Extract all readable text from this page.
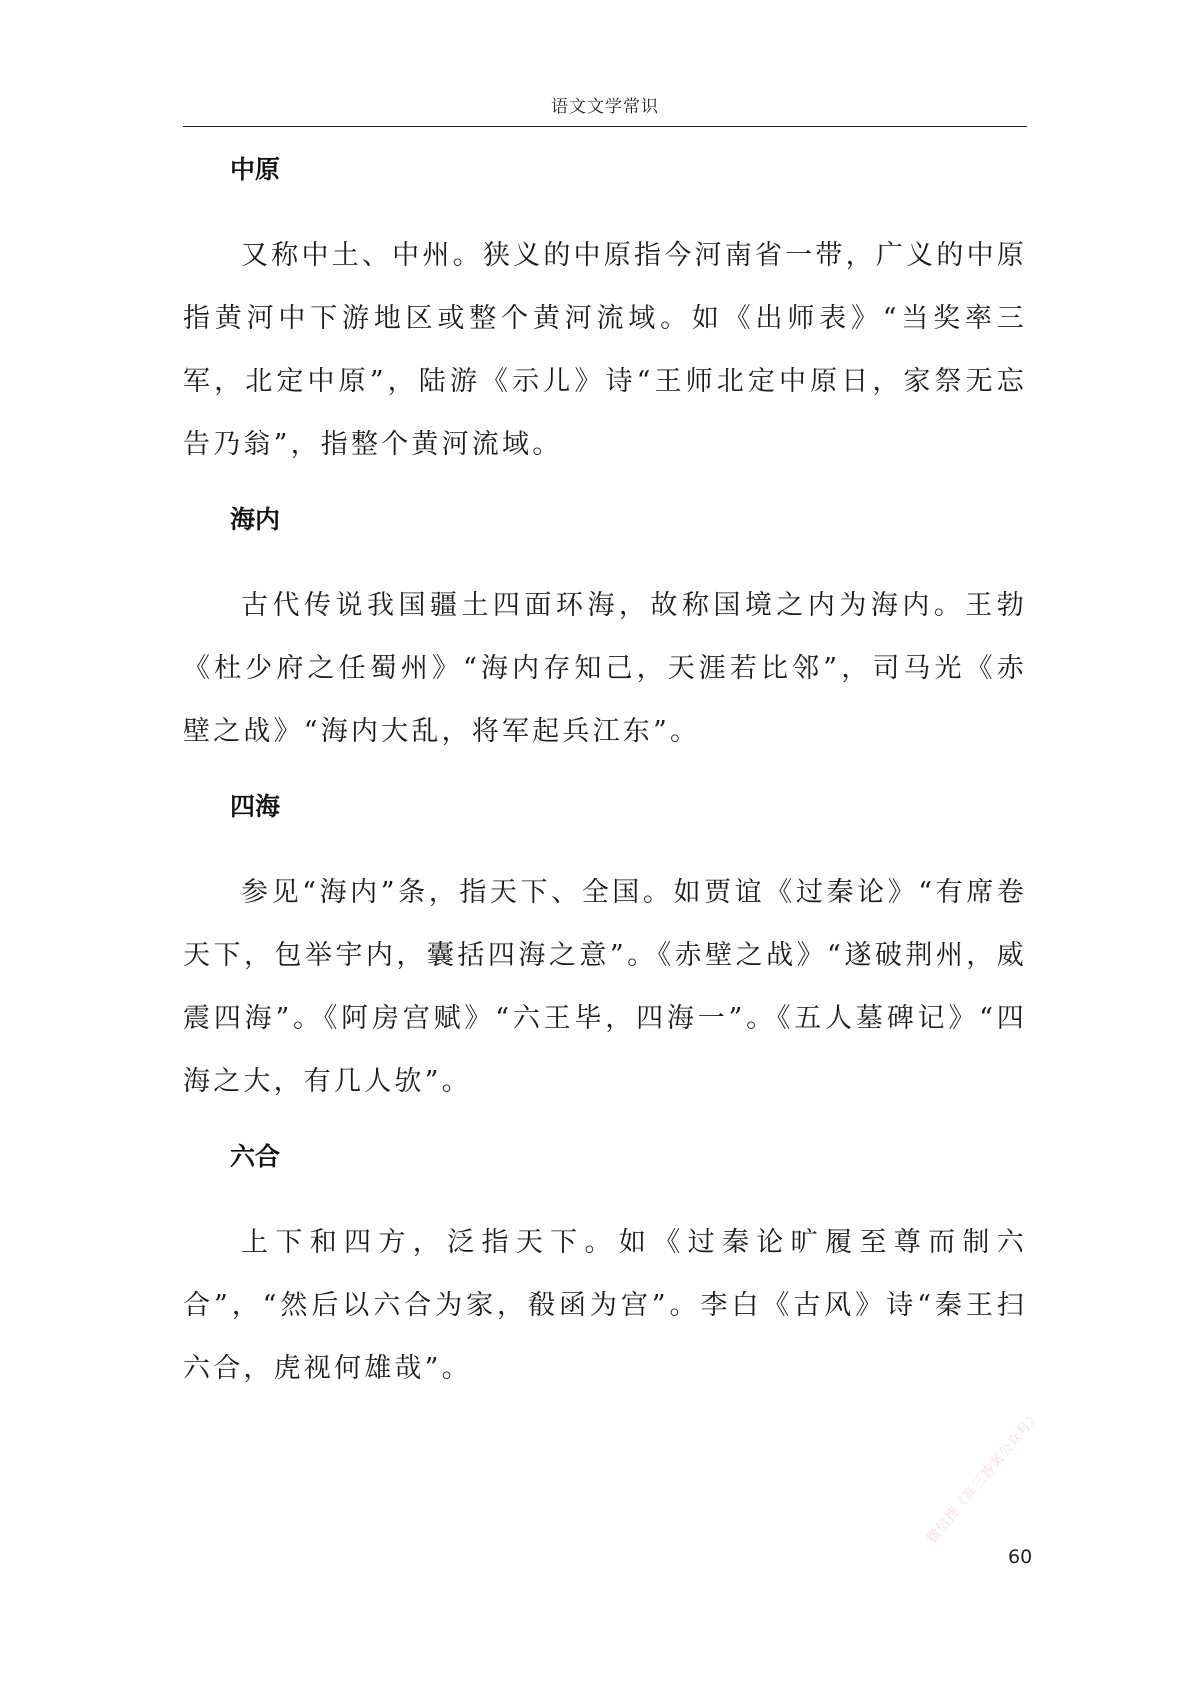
语文文学常识
中原

又称中土、中州。狭义的中原指今河南省一带，广义的中原指黄河中下游地区或整个黄河流域。如《出师表》“当奖率三军，北定中原”，陆游《示儿》诗“王师北定中原日，家祭无忘告乃翁”，指整个黄河流域。

海内

古代传说我国疆土四面环海，故称国境之内为海内。王勃《杜少府之任蜀州》“海内存知己，天涯若比邻”，司马光《赤壁之战》“海内大乱，将军起兵江东”。

四海

参见“海内”条，指天下、全国。如贾谊《过秦论》“有席卷天下，包举宇内，囊括四海之意”。《赤壁之战》“遂破荆州，威震四海”。《阿房宫赋》“六王毕，四海一”。《五人墓碑记》“四海之大，有几人欤”。

六合

上下和四方，泛指天下。如《过秦论旷履至尊而制六合”，“然后以六合为家，殽函为宫”。李白《古风》诗“秦王扫六合，虎视何雄哉”。

微信搜《高三答案公众号》
60
